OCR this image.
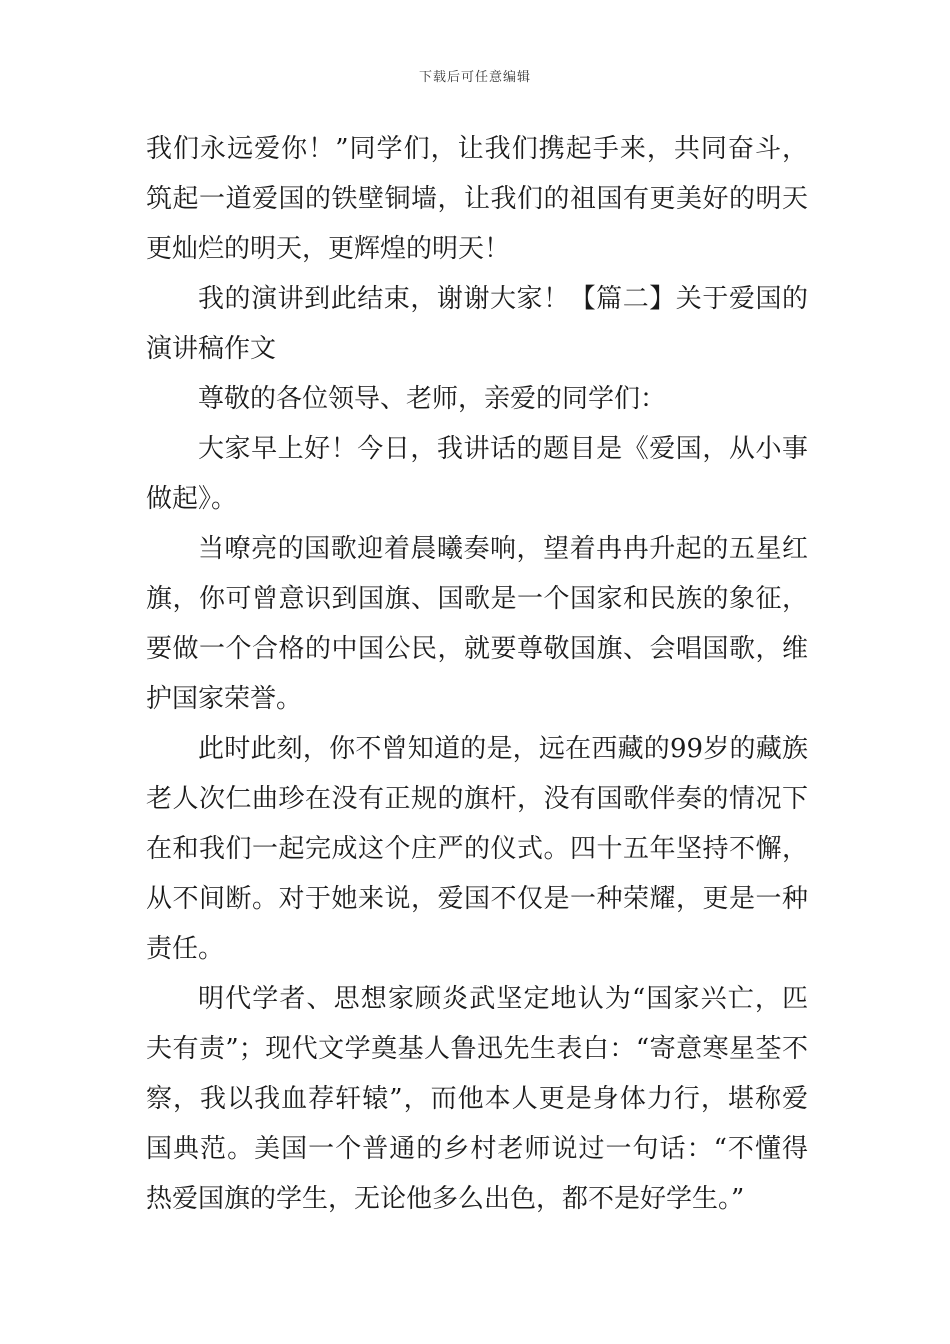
下载后可任意编辑

我们永远爱你！”同学们，让我们携起手来，共同奋斗，筑起一道爱国的铁壁铜墙，让我们的祖国有更美好的明天更灿烂的明天，更辉煌的明天！

我的演讲到此结束，谢谢大家！【篇二】关于爱国的演讲稿作文

尊敬的各位领导、老师，亲爱的同学们：

大家早上好！今日，我讲话的题目是《爱国，从小事做起》。

当嘹亮的国歌迎着晨曦奏响，望着冉冉升起的五星红旗，你可曾意识到国旗、国歌是一个国家和民族的象征，要做一个合格的中国公民，就要尊敬国旗、会唱国歌，维护国家荣誉。

此时此刻，你不曾知道的是，远在西藏的99岁的藏族老人次仁曲珍在没有正规的旗杆，没有国歌伴奏的情况下在和我们一起完成这个庄严的仪式。四十五年坚持不懈，从不间断。对于她来说，爱国不仅是一种荣耀，更是一种责任。

明代学者、思想家顾炎武坚定地认为“国家兴亡，匹夫有责”；现代文学奠基人鲁迅先生表白：“寄意寒星荃不察，我以我血荐轩辕”，而他本人更是身体力行，堪称爱国典范。美国一个普通的乡村老师说过一句话：“不懂得热爱国旗的学生，无论他多么出色，都不是好学生。”
